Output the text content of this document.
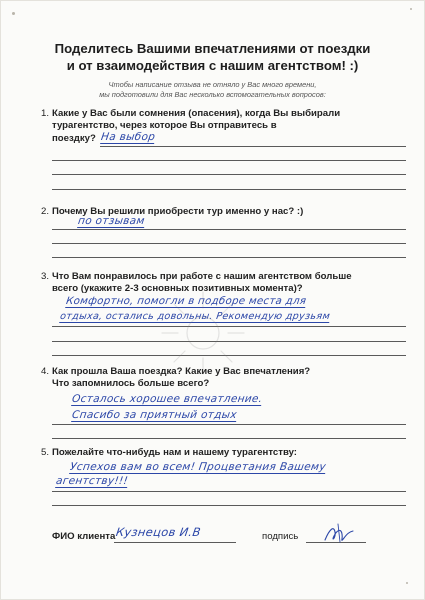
Поделитесь Вашими впечатлениями от поездки
и от взаимодействия с нашим агентством! :)
Чтобы написание отзыва не отняло у Вас много времени,
мы подготовили для Вас несколько вспомогательных вопросов:
1. Какие у Вас были сомнения (опасения), когда Вы выбирали
турагентство, через которое Вы отправитесь в
поездку? На выбор
2. Почему Вы решили приобрести тур именно у нас? :)
по отзывам
3. Что Вам понравилось при работе с нашим агентством больше
всего (укажите 2-3 основных позитивных момента)?
Комфортно, помогли в подборе места для
отдыха, остались довольны. Рекомендую друзьям
4. Как прошла Ваша поездка? Какие у Вас впечатления?
Что запомнилось больше всего?
Осталось хорошее впечатление.
Спасибо за приятный отдых
5. Пожелайте что-нибудь нам и нашему турагентству:
Успехов вам во всем! Процветания Вашему
агентству!!!
ФИО клиента Кузнецов И.В	подпись
